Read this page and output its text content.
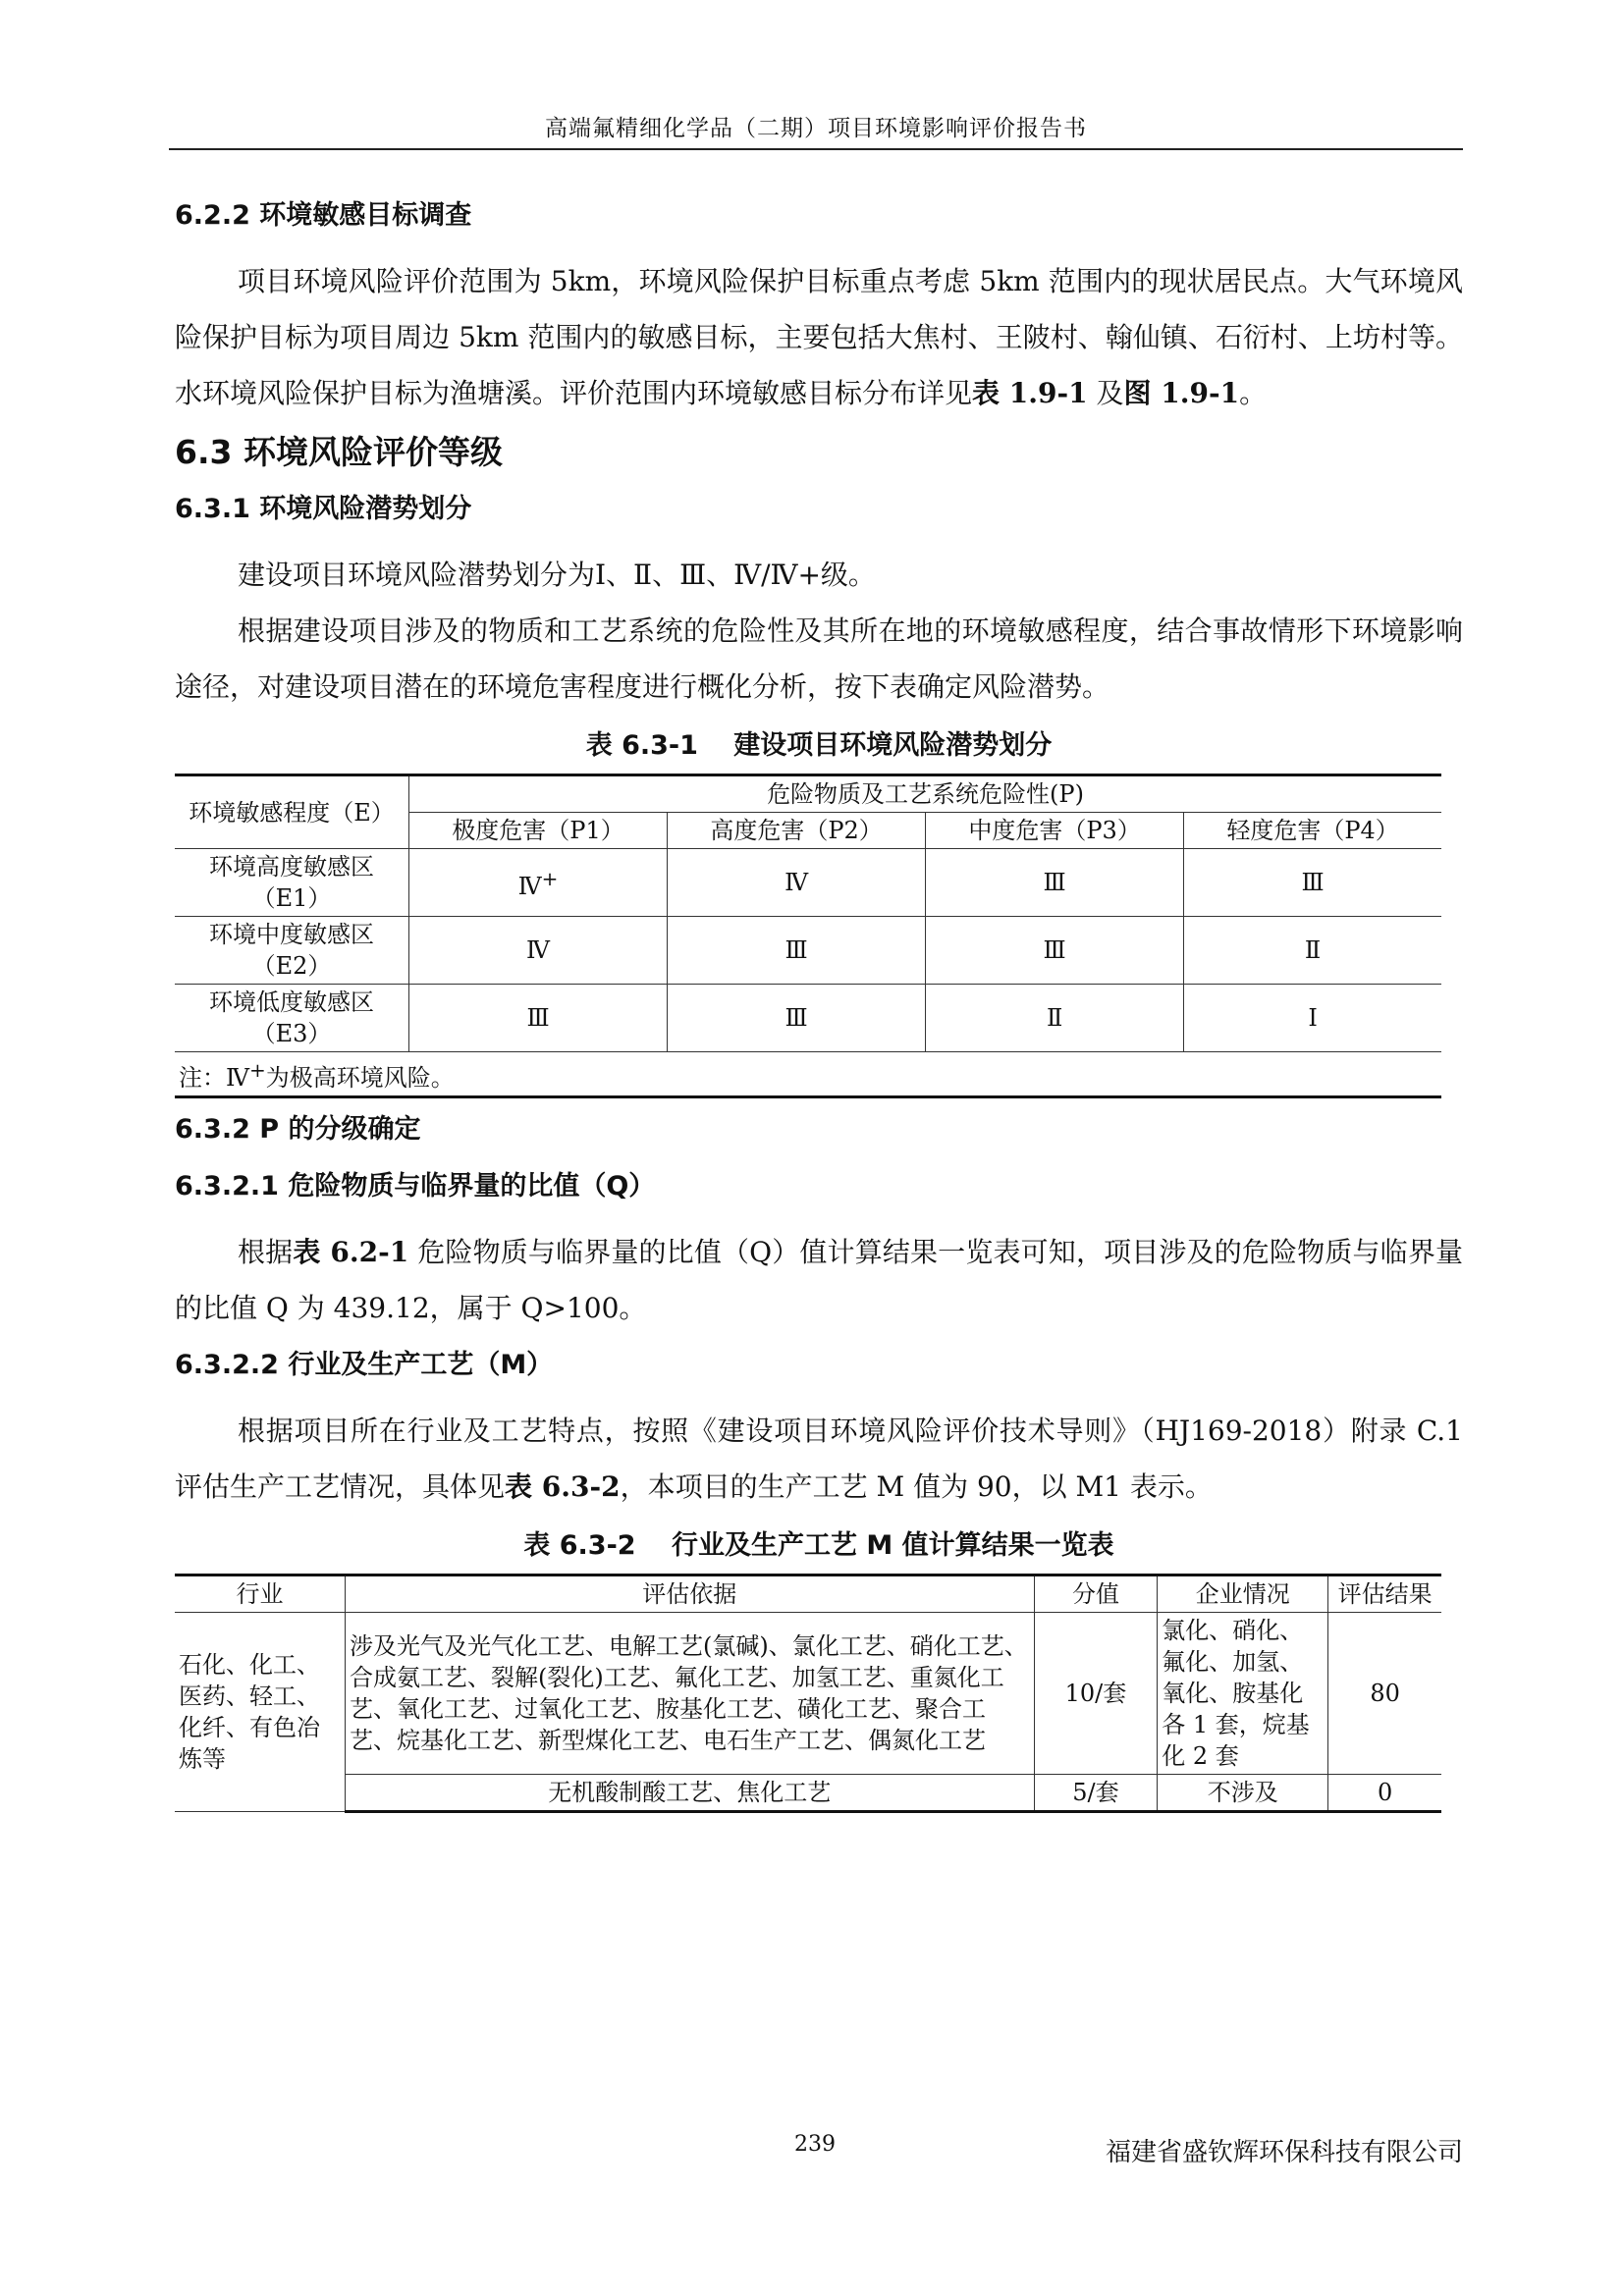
高端氟精细化学品（二期）项目环境影响评价报告书
6.2.2 环境敏感目标调查

项目环境风险评价范围为 5km，环境风险保护目标重点考虑 5km 范围内的现状居民点。大气环境风险保护目标为项目周边 5km 范围内的敏感目标，主要包括大焦村、王陂村、翰仙镇、石衍村、上坊村等。水环境风险保护目标为渔塘溪。评价范围内环境敏感目标分布详见表 1.9-1 及图 1.9-1。

6.3 环境风险评价等级
6.3.1 环境风险潜势划分

建设项目环境风险潜势划分为Ⅰ、Ⅱ、Ⅲ、Ⅳ/Ⅳ+级。

根据建设项目涉及的物质和工艺系统的危险性及其所在地的环境敏感程度，结合事故情形下环境影响途径，对建设项目潜在的环境危害程度进行概化分析，按下表确定风险潜势。

表 6.3-1　 建设项目环境风险潜势划分
环境敏感程度（E）	危险物质及工艺系统危险性(P)			
	极度危害（P1）	高度危害（P2）	中度危害（P3）	轻度危害（P4）
环境高度敏感区（E1）	Ⅳ+	Ⅳ	Ⅲ	Ⅲ
环境中度敏感区（E2）	Ⅳ	Ⅲ	Ⅲ	Ⅱ
环境低度敏感区（E3）	Ⅲ	Ⅲ	Ⅱ	Ⅰ
注：Ⅳ+为极高环境风险。				
6.3.2 P 的分级确定
6.3.2.1 危险物质与临界量的比值（Q）

根据表 6.2-1 危险物质与临界量的比值（Q）值计算结果一览表可知，项目涉及的危险物质与临界量的比值 Q 为 439.12，属于 Q>100。

6.3.2.2 行业及生产工艺（M）

根据项目所在行业及工艺特点，按照《建设项目环境风险评价技术导则》（HJ169-2018）附录 C.1 评估生产工艺情况，具体见表 6.3-2，本项目的生产工艺 M 值为 90，以 M1 表示。

表 6.3-2　 行业及生产工艺 M 值计算结果一览表
行业	评估依据	分值	企业情况	评估结果
石化、化工、医药、轻工、化纤、有色冶炼等	涉及光气及光气化工艺、电解工艺(氯碱)、氯化工艺、硝化工艺、合成氨工艺、裂解(裂化)工艺、氟化工艺、加氢工艺、重氮化工艺、氧化工艺、过氧化工艺、胺基化工艺、磺化工艺、聚合工艺、烷基化工艺、新型煤化工艺、电石生产工艺、偶氮化工艺	10/套	氯化、硝化、氟化、加氢、氧化、胺基化各 1 套，烷基化 2 套	80
	无机酸制酸工艺、焦化工艺	5/套	不涉及	0
239	福建省盛钦辉环保科技有限公司
